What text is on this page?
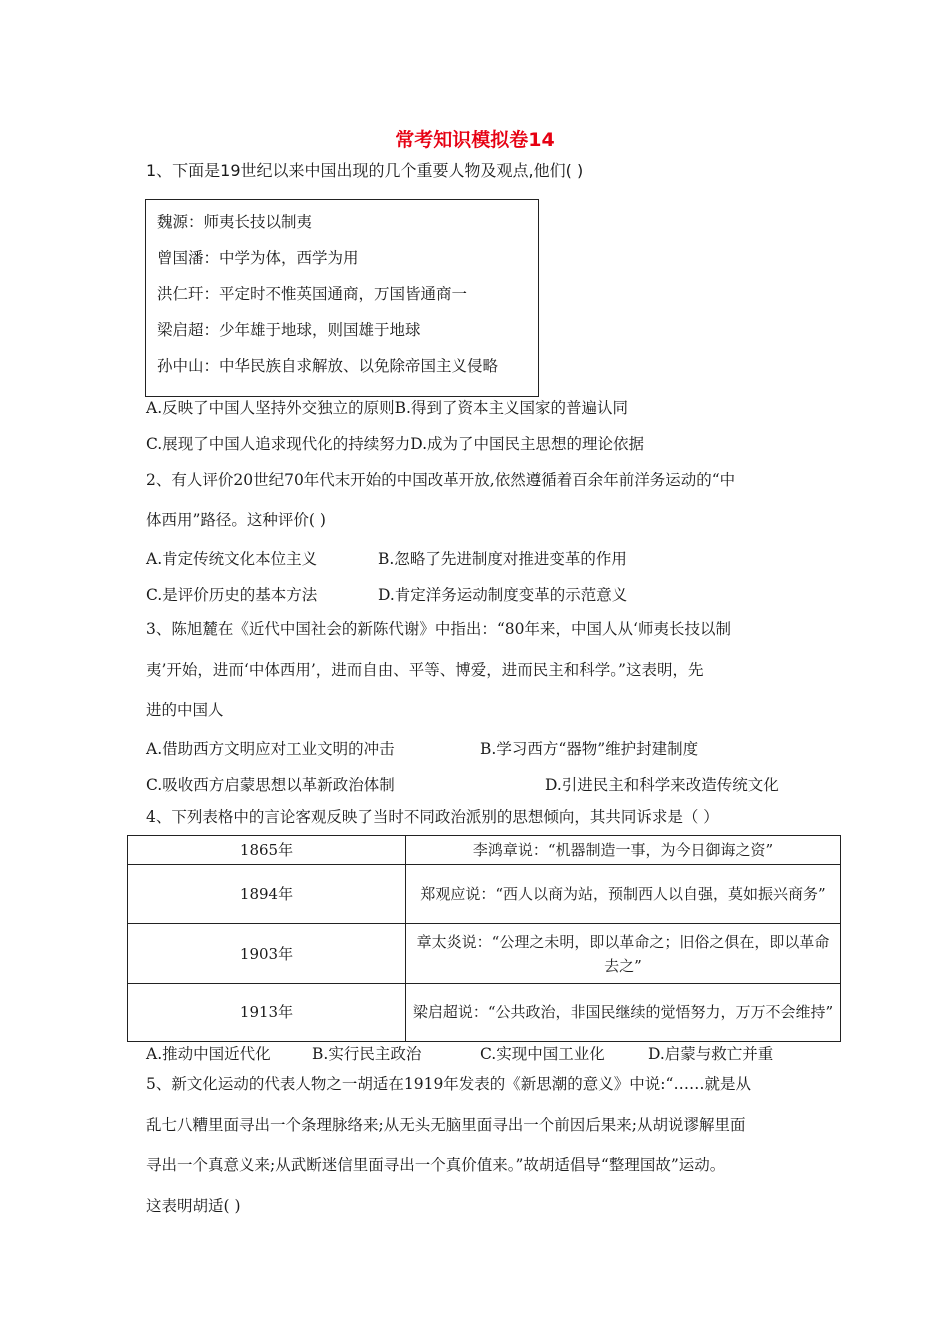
常考知识模拟卷14
1、下面是19世纪以来中国出现的几个重要人物及观点,他们( )
魏源：师夷长技以制夷
曾国潘：中学为体，西学为用
洪仁玕：平定时不惟英国通商，万国皆通商一
梁启超：少年雄于地球，则国雄于地球
孙中山：中华民族自求解放、以免除帝国主义侵略
A.反映了中国人坚持外交独立的原则B.得到了资本主义国家的普遍认同
C.展现了中国人追求现代化的持续努力D.成为了中国民主思想的理论依据
2、有人评价20世纪70年代末开始的中国改革开放,依然遵循着百余年前洋务运动的“中
体西用”路径。这种评价( )
A.肯定传统文化本位主义	B.忽略了先进制度对推进变革的作用
C.是评价历史的基本方法	D.肯定洋务运动制度变革的示范意义
3、陈旭麓在《近代中国社会的新陈代谢》中指出：“80年来，中国人从‘师夷长技以制
夷’开始，进而‘中体西用’，进而自由、平等、博爱，进而民主和科学。”这表明，先
进的中国人
A.借助西方文明应对工业文明的冲击	B.学习西方“器物”维护封建制度
C.吸收西方启蒙思想以革新政治体制	D.引进民主和科学来改造传统文化
4、下列表格中的言论客观反映了当时不同政治派别的思想倾向，其共同诉求是（ ）
1865年	李鸿章说：“机器制造一事，为今日御诲之资”
1894年	郑观应说：“西人以商为站，预制西人以自强，莫如振兴商务”
1903年	章太炎说：“公理之未明，即以革命之；旧俗之俱在，即以革命去之”
1913年	梁启超说：“公共政治，非国民继续的觉悟努力，万万不会维持”
A.推动中国近代化	B.实行民主政治	C.实现中国工业化	D.启蒙与救亡并重
5、新文化运动的代表人物之一胡适在1919年发表的《新思潮的意义》中说:“……就是从
乱七八糟里面寻出一个条理脉络来;从无头无脑里面寻出一个前因后果来;从胡说谬解里面
寻出一个真意义来;从武断迷信里面寻出一个真价值来。”故胡适倡导“整理国故”运动。
这表明胡适( )
